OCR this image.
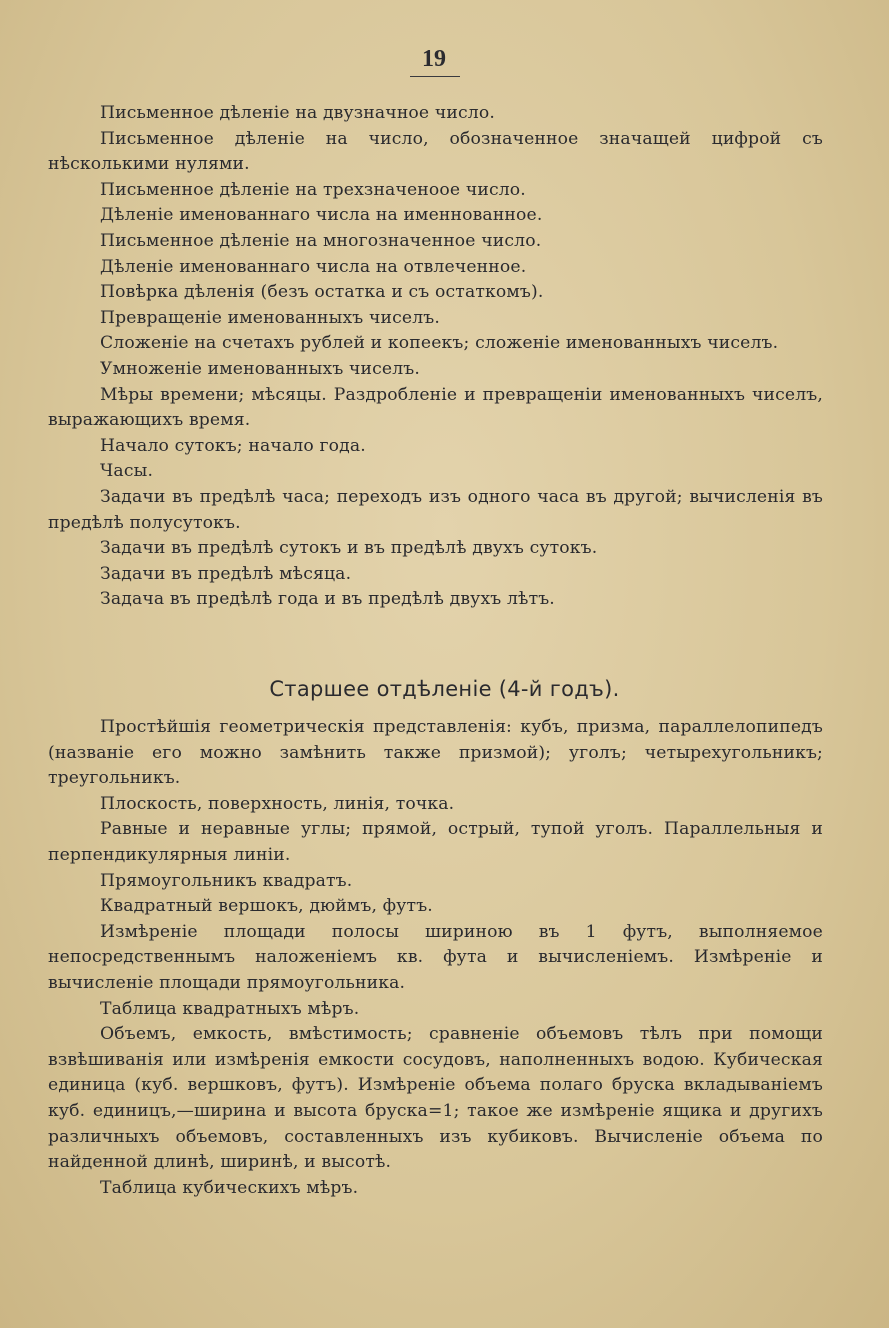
19

Письменное дѣленіе на двузначное число.

Письменное дѣленіе на число, обозначенное значащей цифрой съ нѣсколькими нулями.

Письменное дѣленіе на трехзначеноое число.

Дѣленіе именованнаго числа на именнованное.

Письменное дѣленіе на многозначенное число.

Дѣленіе именованнаго числа на отвлеченное.

Повѣрка дѣленія (безъ остатка и съ остаткомъ).

Превращеніе именованныхъ чиселъ.

Сложеніе на счетахъ рублей и копеекъ; сложеніе именованныхъ чиселъ.

Умноженіе именованныхъ чиселъ.

Мѣры времени; мѣсяцы. Раздробленіе и превращеніи именованныхъ чиселъ, выражающихъ время.

Начало сутокъ; начало года.

Часы.

Задачи въ предѣлѣ часа; переходъ изъ одного часа въ другой; вычисленія въ предѣлѣ полусутокъ.

Задачи въ предѣлѣ сутокъ и въ предѣлѣ двухъ сутокъ.

Задачи въ предѣлѣ мѣсяца.

Задача въ предѣлѣ года и въ предѣлѣ двухъ лѣтъ.

Старшее отдѣленіе (4-й годъ).

Простѣйшія геометрическія представленія: кубъ, призма, параллелопипедъ (названіе его можно замѣнить также призмой); уголъ; четырехугольникъ; треугольникъ.

Плоскость, поверхность, линія, точка.

Равные и неравные углы; прямой, острый, тупой уголъ. Параллельныя и перпендикулярныя линіи.

Прямоугольникъ квадратъ.

Квадратный вершокъ, дюймъ, футъ.

Измѣреніе площади полосы шириною въ 1 футъ, выполняемое непосредственнымъ наложеніемъ кв. фута и вычисленіемъ. Измѣреніе и вычисленіе площади прямоугольника.

Таблица квадратныхъ мѣръ.

Объемъ, емкость, вмѣстимость; сравненіе объемовъ тѣлъ при помощи взвѣшиванія или измѣренія емкости сосудовъ, наполненныхъ водою. Кубическая единица (куб. вершковъ, футъ). Измѣреніе объема полаго бруска вкладываніемъ куб. единицъ,—ширина и высота бруска=1; такое же измѣреніе ящика и другихъ различныхъ объемовъ, составленныхъ изъ кубиковъ. Вычисленіе объема по найденной длинѣ, ширинѣ, и высотѣ.

Таблица кубическихъ мѣръ.
